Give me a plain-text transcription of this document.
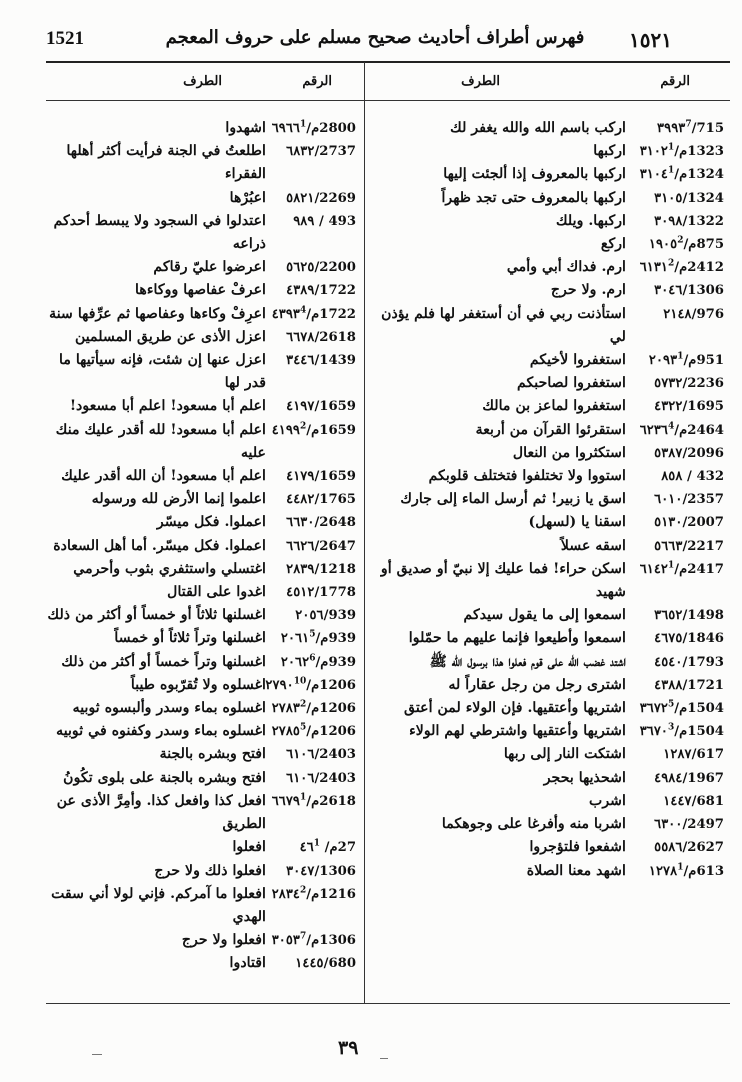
1521	فهرس أطراف أحاديث صحيح مسلم على حروف المعجم	١٥٢١
الرقم
الطرف
715/٣٩٩٣$^7$
اركب باسم الله والله يغفر لك
1323م/٣١٠٢$^1$
اركبها
1324م/٣١٠٤$^1$
اركبها بالمعروف إذا ألجئت إليها
1324/٣١٠٥
اركبها بالمعروف حتى تجد ظهراً
1322/٣٠٩٨
اركبها. ويلك
875م/١٩٠٥$^2$
اركع
2412م/٦١٣١$^2$
ارم. فداك أبي وأمي
1306/٣٠٤٦
ارم. ولا حرج
976/٢١٤٨
استأذنت ربي في أن أستغفر لها فلم يؤذن لي
951م/٢٠٩٣$^1$
استغفروا لأخيكم
2236/٥٧٣٢
استغفروا لصاحبكم
1695/٤٣٢٢
استغفروا لماعز بن مالك
2464م/٦٢٣٦$^4$
استقرئوا القرآن من أربعة
2096/٥٣٨٧
استكثروا من النعال
432 / ٨٥٨
استووا ولا تختلفوا فتختلف قلوبكم
2357/٦٠١٠
اسق يا زبير! ثم أرسل الماء إلى جارك
2007/٥١٣٠
اسقنا يا (لسهل)
2217/٥٦٦٣
اسقه عسلاً
2417م/٦١٤٢$^1$
اسكن حراء! فما عليك إلا نبيّ أو صديق أو شهيد
1498/٣٦٥٢
اسمعوا إلى ما يقول سيدكم
1846/٤٦٧٥
اسمعوا وأطيعوا فإنما عليهم ما حمّلوا
1793/٤٥٤٠
اشتد غضب الله على قوم فعلوا هذا برسول الله ﷺ
1721/٤٣٨٨
اشترى رجل من رجل عقاراً له
1504م/٣٦٧٢$^5$
اشتريها وأعتقيها. فإن الولاء لمن أعتق
1504م/٣٦٧٠$^3$
اشتريها وأعتقيها واشترطي لهم الولاء
617/١٢٨٧
اشتكت النار إلى ربها
1967/٤٩٨٤
اشحذيها بحجر
681/١٤٤٧
اشرب
2497/٦٣٠٠
اشربا منه وأفرغا على وجوهكما
2627/٥٥٨٦
اشفعوا فلتؤجروا
613م/١٢٧٨$^1$
اشهد معنا الصلاة
الرقم
الطرف
2800م/٦٩٦٦$^1$
اشهدوا
2737/٦٨٣٢
اطلعتُ في الجنة فرأيت أكثر أهلها الفقراء
2269/٥٨٢١
اعبُرْها
493 / ٩٨٩
اعتدلوا في السجود ولا يبسط أحدكم ذراعه
2200/٥٦٢٥
اعرضوا عليّ رقاكم
1722/٤٣٨٩
اعرفْ عفاصها ووكاءها
1722م/٤٣٩٣$^4$
اعرِفْ وكاءها وعفاصها ثم عرِّفها سنة
2618/٦٦٧٨
اعزل الأذى عن طريق المسلمين
1439/٣٤٤٦
اعزل عنها إن شئت، فإنه سيأتيها ما قدر لها
1659/٤١٩٧
اعلم أبا مسعود! اعلم أبا مسعود!
1659م/٤١٩٩$^2$
اعلم أبا مسعود! لله أقدر عليك منك عليه
1659/٤١٧٩
اعلم أبا مسعود! أن الله أقدر عليك
1765/٤٤٨٢
اعلموا إنما الأرض لله ورسوله
2648/٦٦٣٠
اعملوا. فكل ميسّر
2647/٦٦٢٦
اعملوا. فكل ميسّر. أما أهل السعادة
1218/٢٨٣٩
اغتسلي واستثفري بثوب وأحرمي
1778/٤٥١٢
اغدوا على القتال
939/٢٠٥٦
اغسلنها ثلاثاً أو خمساً أو أكثر من ذلك
939م/٢٠٦١$^5$
اغسلنها وتراً ثلاثاً أو خمساً
939م/٢٠٦٢$^6$
اغسلنها وتراً خمساً أو أكثر من ذلك
1206م/٢٧٩٠$^{10}$
اغسلوه ولا تُقرّبوه طيباً
1206م/٢٧٨٣$^2$
اغسلوه بماء وسدر وألبسوه ثوبيه
1206م/٢٧٨٥$^5$
اغسلوه بماء وسدر وكفنوه في ثوبيه
2403/٦١٠٦
افتح وبشره بالجنة
2403/٦١٠٦
افتح وبشره بالجنة على بلوى تكُونُ
2618م/٦٦٧٩$^1$
افعل كذا وافعل كذا. وأمِرَّ الأذى عن الطريق
27م/ $٤٦^1$
افعلوا
1306/٣٠٤٧
افعلوا ذلك ولا حرج
1216م/٢٨٣٤$^2$
افعلوا ما آمركم. فإني لولا أني سقت الهدي
1306م/٣٠٥٣$^7$
افعلوا ولا حرج
680/١٤٤٥
اقتادوا
٣٩
